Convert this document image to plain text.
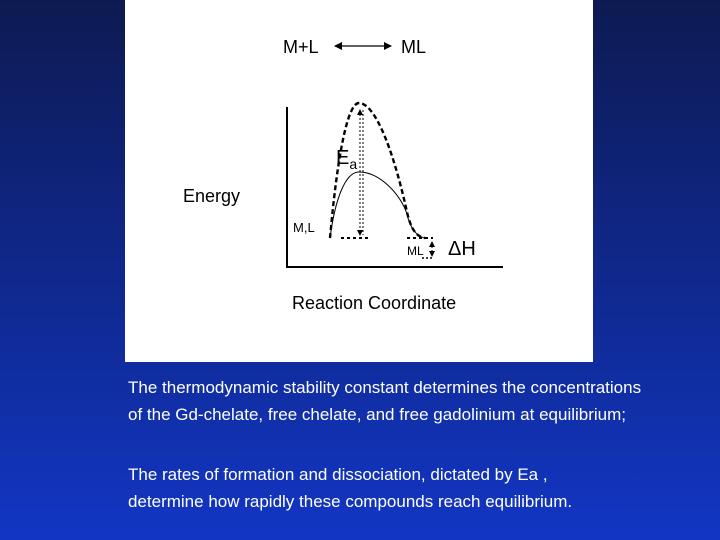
M+L	ML
Energy
Reaction Coordinate
M,L
$E_a$
ML ΔH
The thermodynamic stability constant determines the concentrations
of the Gd-chelate, free chelate, and free gadolinium at equilibrium;
The rates of formation and dissociation, dictated by Ea ,
determine how rapidly these compounds reach equilibrium.
